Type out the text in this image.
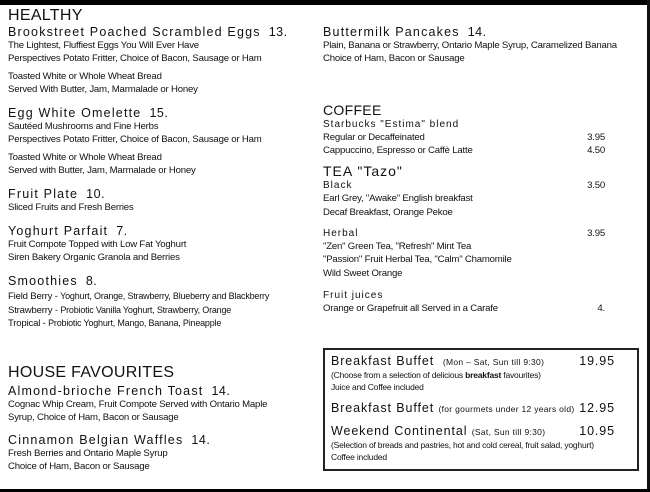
HEALTHY
Brookstreet Poached Scrambled Eggs 13.
The Lightest, Fluffiest Eggs You Will Ever Have
Perspectives Potato Fritter, Choice of Bacon, Sausage or Ham
Toasted White or Whole Wheat Bread
Served With Butter, Jam, Marmalade or Honey
Egg White Omelette 15.
Sautéed Mushrooms and Fine Herbs
Perspectives Potato Fritter, Choice of Bacon, Sausage or Ham
Toasted White or Whole Wheat Bread
Served with Butter, Jam, Marmalade or Honey
Fruit Plate 10.
Sliced Fruits and Fresh Berries
Yoghurt Parfait 7.
Fruit Compote Topped with Low Fat Yoghurt
Siren Bakery Organic Granola and Berries
Smoothies 8.
Field Berry - Yoghurt, Orange, Strawberry, Blueberry and Blackberry
Strawberry - Probiotic Vanilla Yoghurt, Strawberry, Orange
Tropical - Probiotic Yoghurt, Mango, Banana, Pineapple
HOUSE FAVOURITES
Almond-brioche French Toast 14.
Cognac Whip Cream, Fruit Compote Served with Ontario Maple
Syrup, Choice of Ham, Bacon or Sausage
Cinnamon Belgian Waffles 14.
Fresh Berries and Ontario Maple Syrup
Choice of Ham, Bacon or Sausage
Buttermilk Pancakes 14.
Plain, Banana or Strawberry, Ontario Maple Syrup, Caramelized Banana
Choice of Ham, Bacon or Sausage
COFFEE
Starbucks "Estima" blend
Regular or Decaffeinated	3.95
Cappuccino, Espresso or Caffè Latte	4.50
TEA "Tazo"
Black	3.50
Earl Grey, "Awake" English breakfast
Decaf Breakfast, Orange Pekoe
Herbal	3.95
"Zen" Green Tea, "Refresh" Mint Tea
"Passion" Fruit Herbal Tea, "Calm" Chamomile
Wild Sweet Orange
Fruit juices
Orange or Grapefruit all Served in a Carafe	4.
Breakfast Buffet (Mon – Sat, Sun till 9:30)	19.95
(Choose from a selection of delicious breakfast favourites)
Juice and Coffee included
Breakfast Buffet (for gourmets under 12 years old) 12.95
Weekend Continental (Sat, Sun till 9:30)	10.95
(Selection of breads and pastries, hot and cold cereal, fruit salad, yoghurt)
Coffee included
